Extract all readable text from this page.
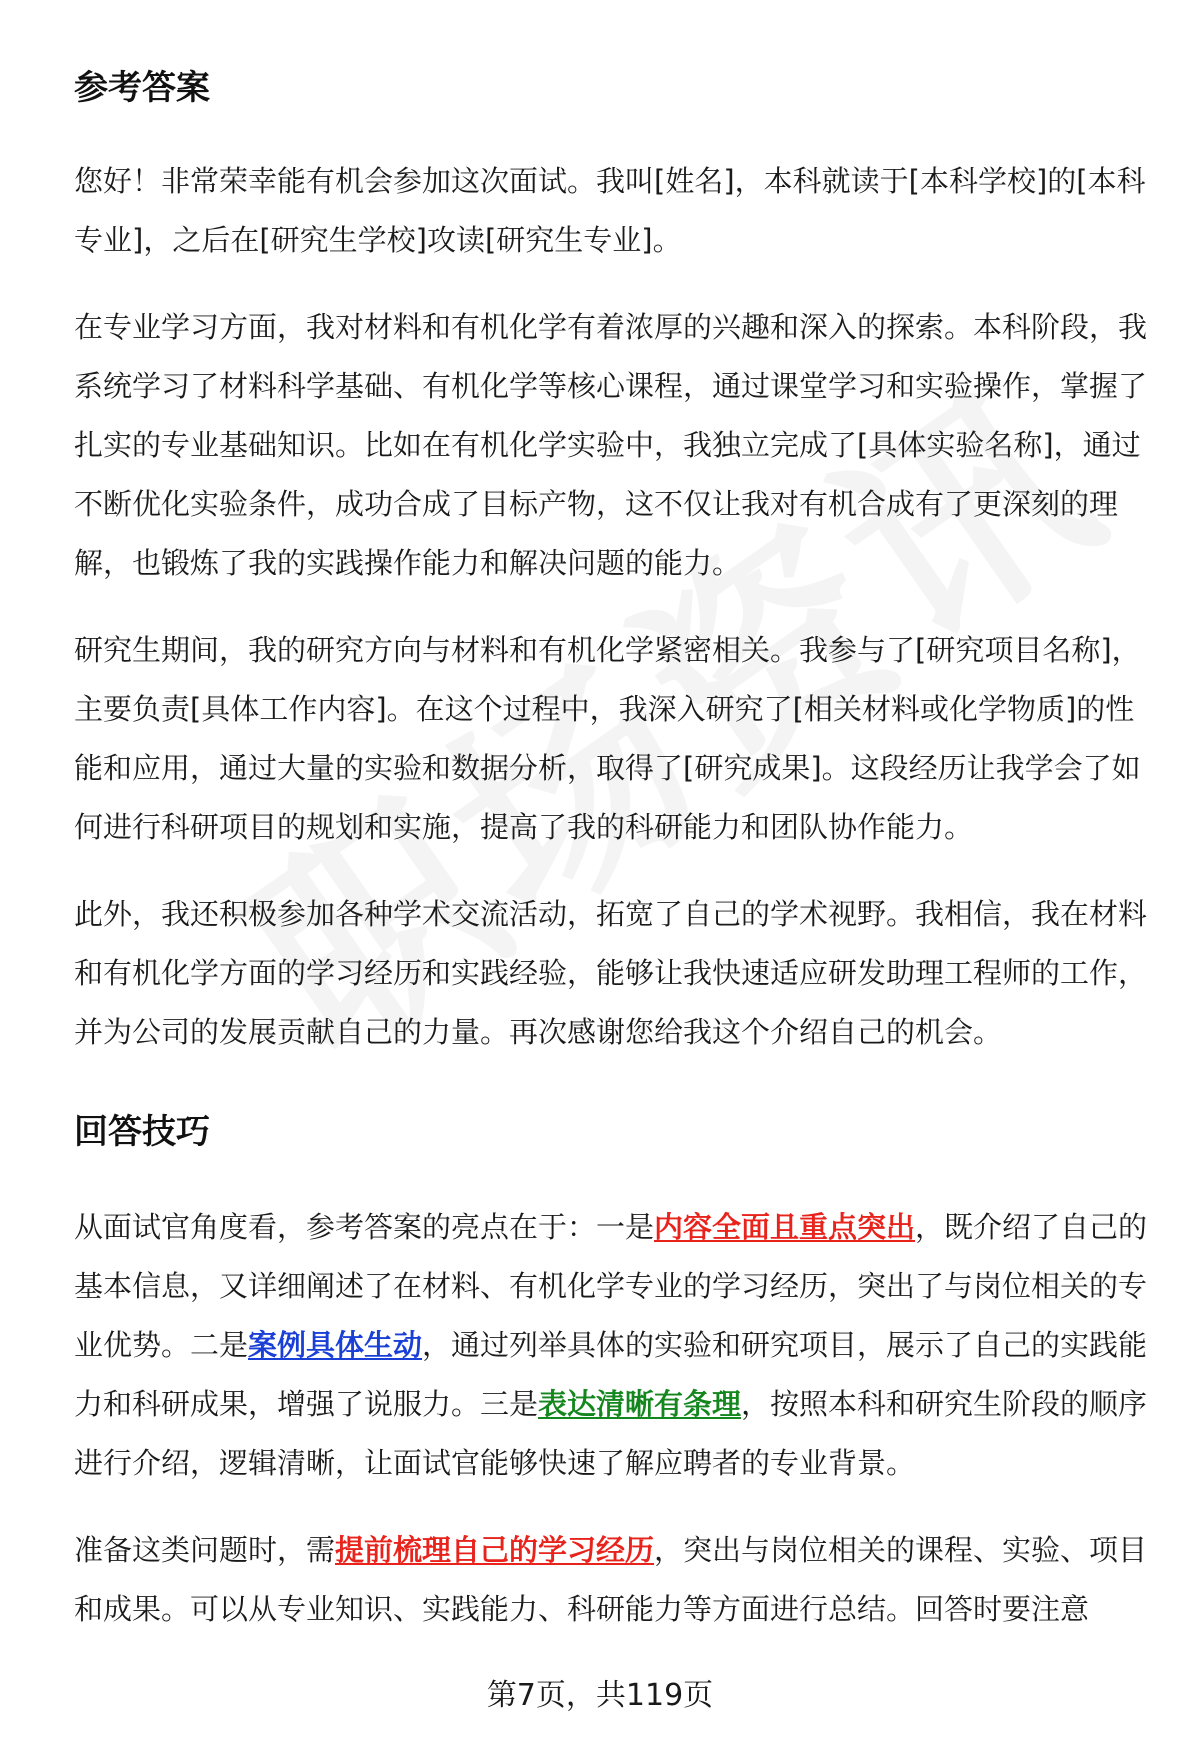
参考答案

您好！非常荣幸能有机会参加这次面试。我叫[姓名]，本科就读于[本科学校]的[本科专业]，之后在[研究生学校]攻读[研究生专业]。

在专业学习方面，我对材料和有机化学有着浓厚的兴趣和深入的探索。本科阶段，我系统学习了材料科学基础、有机化学等核心课程，通过课堂学习和实验操作，掌握了扎实的专业基础知识。比如在有机化学实验中，我独立完成了[具体实验名称]，通过不断优化实验条件，成功合成了目标产物，这不仅让我对有机合成有了更深刻的理解，也锻炼了我的实践操作能力和解决问题的能力。

研究生期间，我的研究方向与材料和有机化学紧密相关。我参与了[研究项目名称]，主要负责[具体工作内容]。在这个过程中，我深入研究了[相关材料或化学物质]的性能和应用，通过大量的实验和数据分析，取得了[研究成果]。这段经历让我学会了如何进行科研项目的规划和实施，提高了我的科研能力和团队协作能力。

此外，我还积极参加各种学术交流活动，拓宽了自己的学术视野。我相信，我在材料和有机化学方面的学习经历和实践经验，能够让我快速适应研发助理工程师的工作，并为公司的发展贡献自己的力量。再次感谢您给我这个介绍自己的机会。

回答技巧

从面试官角度看，参考答案的亮点在于：一是内容全面且重点突出，既介绍了自己的基本信息，又详细阐述了在材料、有机化学专业的学习经历，突出了与岗位相关的专业优势。二是案例具体生动，通过列举具体的实验和研究项目，展示了自己的实践能力和科研成果，增强了说服力。三是表达清晰有条理，按照本科和研究生阶段的顺序进行介绍，逻辑清晰，让面试官能够快速了解应聘者的专业背景。

准备这类问题时，需提前梳理自己的学习经历，突出与岗位相关的课程、实验、项目和成果。可以从专业知识、实践能力、科研能力等方面进行总结。回答时要注意

第7页，共119页
